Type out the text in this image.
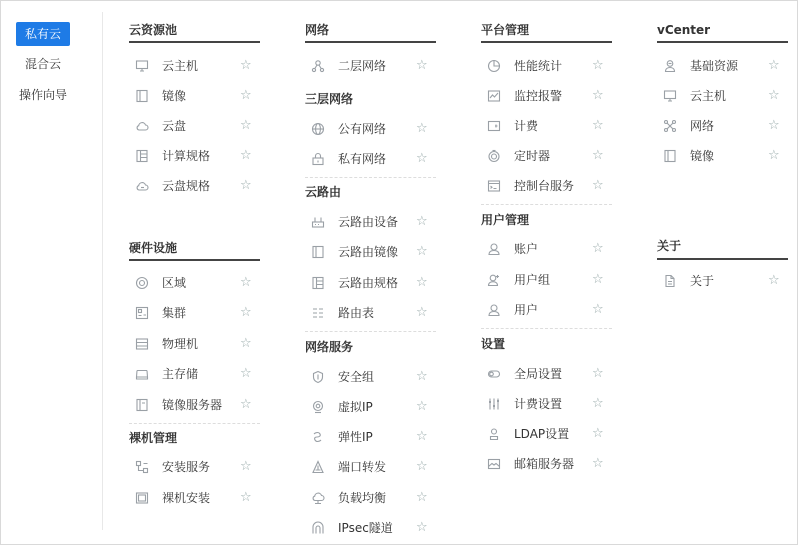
私有云
混合云
操作向导
云资源池
云主机	☆
镜像	☆
云盘	☆
计算规格 ☆
云盘规格 ☆
硬件设施
区域	☆
集群	☆
物理机	☆
主存储	☆
镜像服务器 ☆
裸机管理
安装服务 ☆
裸机安装 ☆
网络
二层网络 ☆
三层网络
公有网络 ☆
私有网络 ☆
云路由
云路由设备 ☆
云路由镜像 ☆
云路由规格 ☆
路由表	☆
网络服务
安全组	☆
虚拟IP	☆
弹性IP	☆
端口转发 ☆
负载均衡 ☆
IPsec隧道 ☆
平台管理
性能统计 ☆
监控报警 ☆
计费	☆
定时器	☆
控制台服务 ☆
用户管理
账户	☆
用户组	☆
用户	☆
设置
全局设置 ☆
计费设置 ☆
LDAP设置 ☆
邮箱服务器 ☆
vCenter
基础资源 ☆
云主机	☆
网络	☆
镜像	☆
关于
关于	☆
